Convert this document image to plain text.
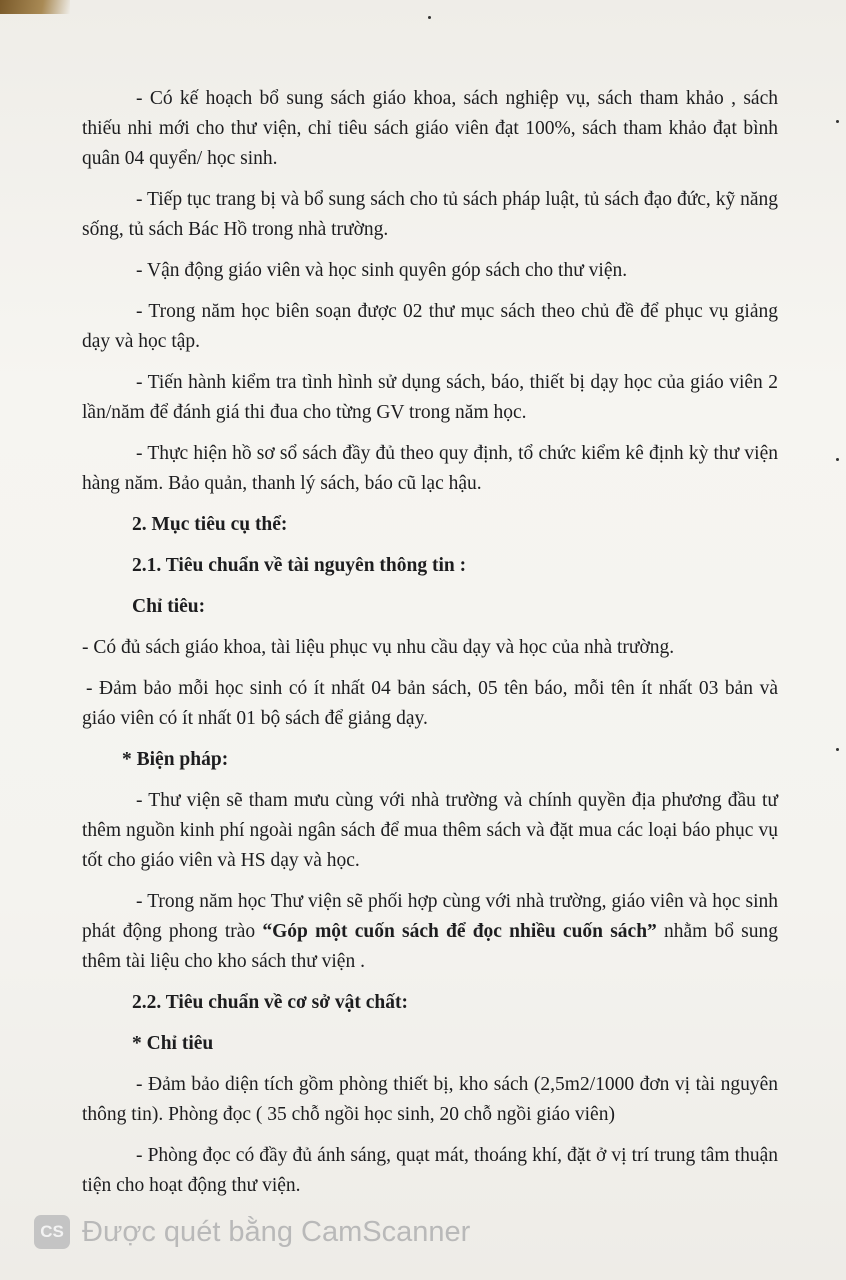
- Có kế hoạch bổ sung sách giáo khoa, sách nghiệp vụ, sách tham khảo , sách thiếu nhi mới cho thư viện, chỉ tiêu sách giáo viên đạt 100%, sách tham khảo đạt bình quân 04 quyển/ học sinh.

- Tiếp tục trang bị và bổ sung sách cho tủ sách pháp luật, tủ sách đạo đức, kỹ năng sống, tủ sách Bác Hồ trong nhà trường.

- Vận động giáo viên và học sinh quyên góp sách cho thư viện.

- Trong năm học biên soạn được 02 thư mục sách theo chủ đề để phục vụ giảng dạy và học tập.

- Tiến hành kiểm tra tình hình sử dụng sách, báo, thiết bị dạy học của giáo viên 2 lần/năm để đánh giá thi đua cho từng GV trong năm học.

- Thực hiện hồ sơ sổ sách đầy đủ theo quy định, tổ chức kiểm kê định kỳ thư viện hàng năm. Bảo quản, thanh lý sách, báo cũ lạc hậu.

2. Mục tiêu cụ thể:

2.1. Tiêu chuẩn về tài nguyên thông tin :

Chỉ tiêu:

- Có đủ sách giáo khoa, tài liệu phục vụ nhu cầu dạy và học của nhà trường.

- Đảm bảo mỗi học sinh có ít nhất 04 bản sách, 05 tên báo, mỗi tên ít nhất 03 bản và giáo viên có ít nhất 01 bộ sách để giảng dạy.

* Biện pháp:

- Thư viện sẽ tham mưu cùng với nhà trường và chính quyền địa phương đầu tư thêm nguồn kinh phí ngoài ngân sách để mua thêm sách và đặt mua các loại báo phục vụ tốt cho giáo viên và HS dạy và học.

- Trong năm học Thư viện sẽ phối hợp cùng với nhà trường, giáo viên và học sinh phát động phong trào “Góp một cuốn sách để đọc nhiều cuốn sách” nhằm bổ sung thêm tài liệu cho kho sách thư viện .

2.2. Tiêu chuẩn về cơ sở vật chất:

* Chỉ tiêu

- Đảm bảo diện tích gồm phòng thiết bị, kho sách (2,5m2/1000 đơn vị tài nguyên thông tin). Phòng đọc ( 35 chỗ ngồi học sinh, 20 chỗ ngồi giáo viên)

- Phòng đọc có đầy đủ ánh sáng, quạt mát, thoáng khí, đặt ở vị trí trung tâm thuận tiện cho hoạt động thư viện.

CS Được quét bằng CamScanner
